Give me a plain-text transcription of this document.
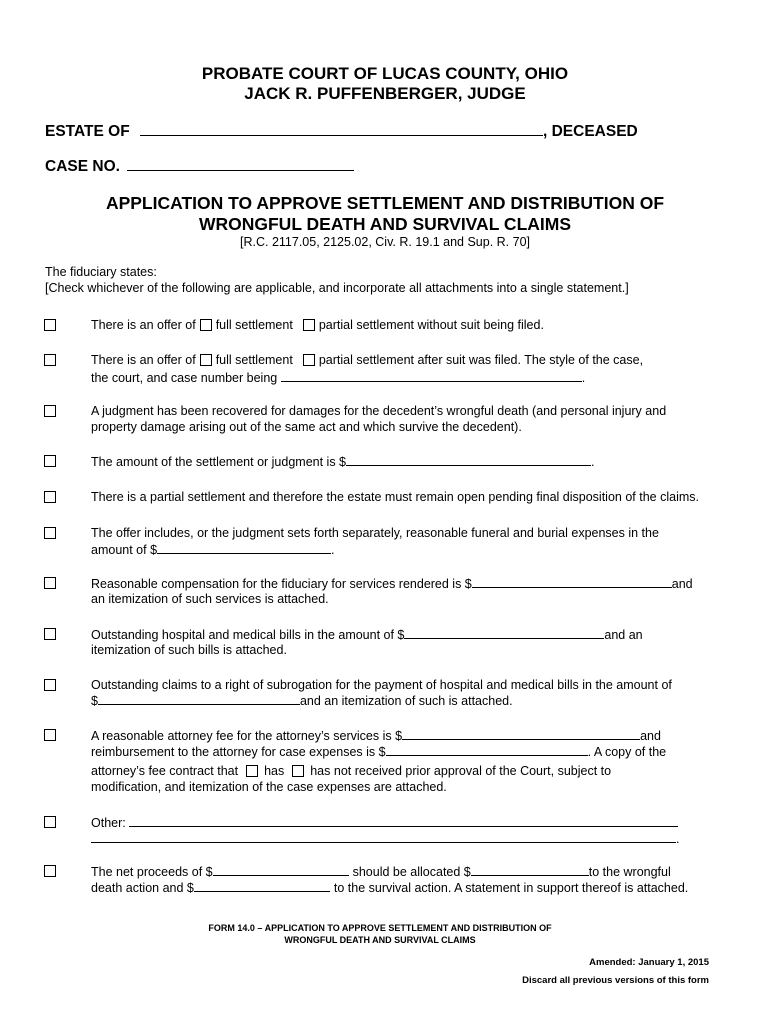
PROBATE COURT OF LUCAS COUNTY, OHIO
JACK R. PUFFENBERGER, JUDGE
ESTATE OF	, DECEASED
CASE NO.
APPLICATION TO APPROVE SETTLEMENT AND DISTRIBUTION OF
WRONGFUL DEATH AND SURVIVAL CLAIMS
[R.C. 2117.05, 2125.02, Civ. R. 19.1 and Sup. R. 70]
The fiduciary states:
[Check whichever of the following are applicable, and incorporate all attachments into a single statement.]
There is an offer of full settlement partial settlement without suit being filed.
There is an offer of full settlement partial settlement after suit was filed. The style of the case,
the court, and case number being	.
A judgment has been recovered for damages for the decedent’s wrongful death (and personal injury and
property damage arising out of the same act and which survive the decedent).
The amount of the settlement or judgment is $	.
There is a partial settlement and therefore the estate must remain open pending final disposition of the claims.
The offer includes, or the judgment sets forth separately, reasonable funeral and burial expenses in the
amount of $	.
Reasonable compensation for the fiduciary for services rendered is $	and
an itemization of such services is attached.
Outstanding hospital and medical bills in the amount of $	and an
itemization of such bills is attached.
Outstanding claims to a right of subrogation for the payment of hospital and medical bills in the amount of
$	and an itemization of such is attached.
A reasonable attorney fee for the attorney’s services is $	and
reimbursement to the attorney for case expenses is $	. A copy of the
attorney’s fee contract that has has not received prior approval of the Court, subject to
modification, and itemization of the case expenses are attached.
Other:
.
The net proceeds of $	should be allocated $	to the wrongful
death action and $	to the survival action. A statement in support thereof is attached.
FORM 14.0 – APPLICATION TO APPROVE SETTLEMENT AND DISTRIBUTION OF
WRONGFUL DEATH AND SURVIVAL CLAIMS
Amended: January 1, 2015
Discard all previous versions of this form
